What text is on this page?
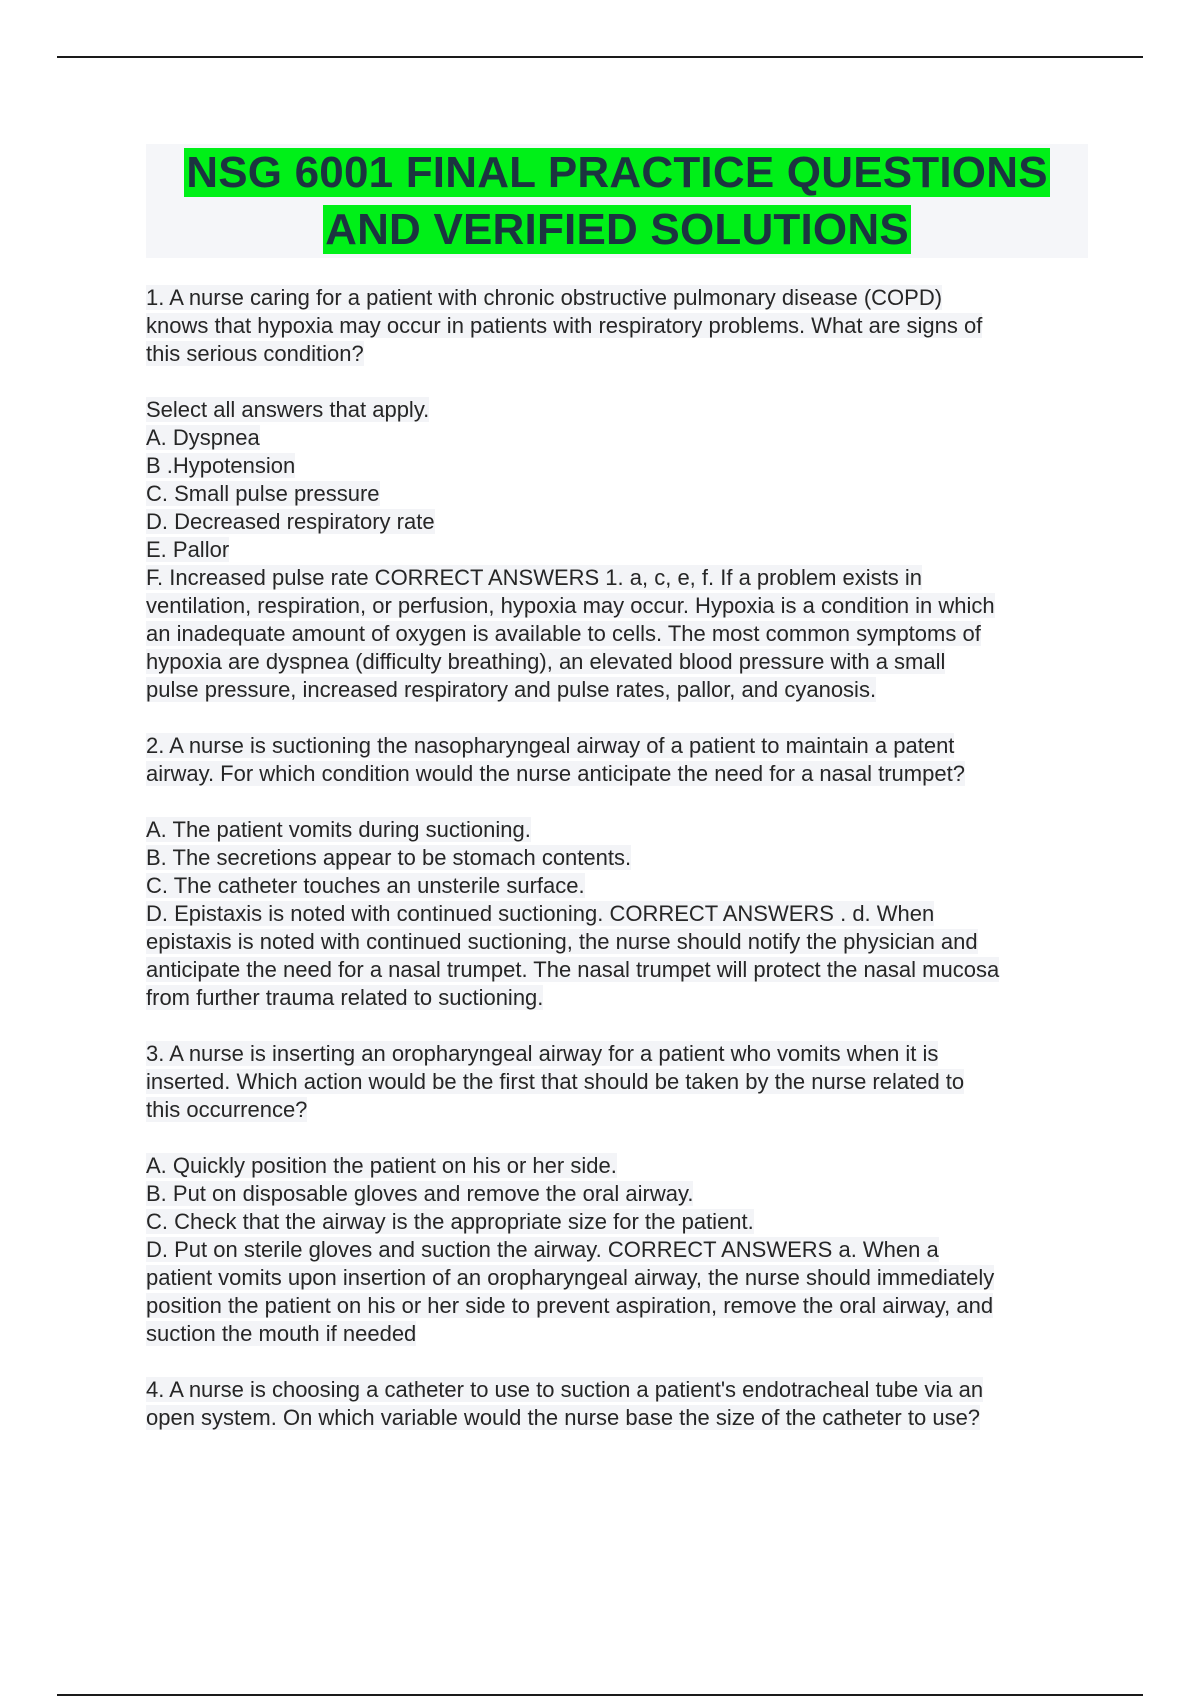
NSG 6001 FINAL PRACTICE QUESTIONS
AND VERIFIED SOLUTIONS
1. A nurse caring for a patient with chronic obstructive pulmonary disease (COPD)
knows that hypoxia may occur in patients with respiratory problems. What are signs of
this serious condition?
Select all answers that apply.
A. Dyspnea
B .Hypotension
C. Small pulse pressure
D. Decreased respiratory rate
E. Pallor
F. Increased pulse rate CORRECT ANSWERS 1. a, c, e, f. If a problem exists in
ventilation, respiration, or perfusion, hypoxia may occur. Hypoxia is a condition in which
an inadequate amount of oxygen is available to cells. The most common symptoms of
hypoxia are dyspnea (difficulty breathing), an elevated blood pressure with a small
pulse pressure, increased respiratory and pulse rates, pallor, and cyanosis.
2. A nurse is suctioning the nasopharyngeal airway of a patient to maintain a patent
airway. For which condition would the nurse anticipate the need for a nasal trumpet?
A. The patient vomits during suctioning.
B. The secretions appear to be stomach contents.
C. The catheter touches an unsterile surface.
D. Epistaxis is noted with continued suctioning. CORRECT ANSWERS . d. When
epistaxis is noted with continued suctioning, the nurse should notify the physician and
anticipate the need for a nasal trumpet. The nasal trumpet will protect the nasal mucosa
from further trauma related to suctioning.
3. A nurse is inserting an oropharyngeal airway for a patient who vomits when it is
inserted. Which action would be the first that should be taken by the nurse related to
this occurrence?
A. Quickly position the patient on his or her side.
B. Put on disposable gloves and remove the oral airway.
C. Check that the airway is the appropriate size for the patient.
D. Put on sterile gloves and suction the airway. CORRECT ANSWERS a. When a
patient vomits upon insertion of an oropharyngeal airway, the nurse should immediately
position the patient on his or her side to prevent aspiration, remove the oral airway, and
suction the mouth if needed
4. A nurse is choosing a catheter to use to suction a patient's endotracheal tube via an
open system. On which variable would the nurse base the size of the catheter to use?
